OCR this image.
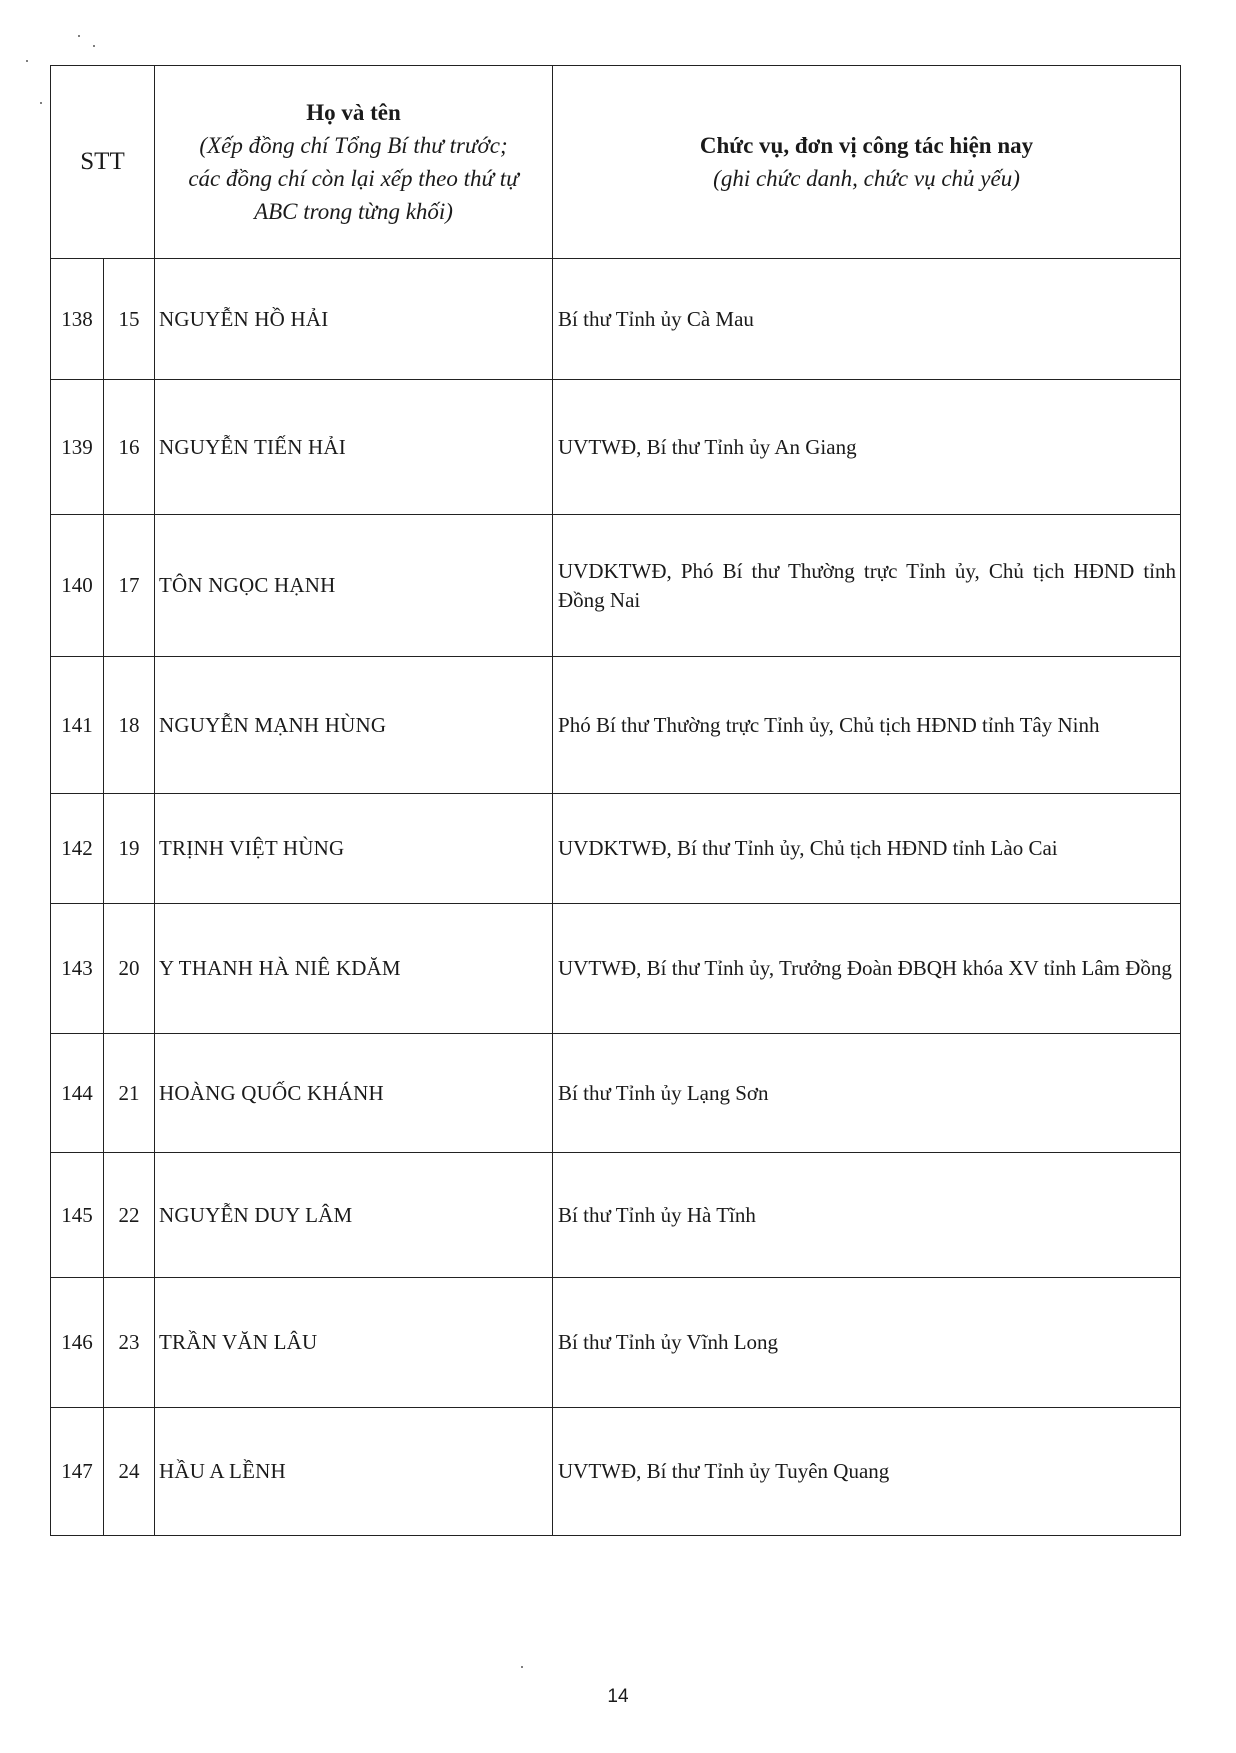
STT		Họ và tên
(Xếp đồng chí Tổng Bí thư trước;
các đồng chí còn lại xếp theo thứ tự
ABC trong từng khối)	Chức vụ, đơn vị công tác hiện nay
(ghi chức danh, chức vụ chủ yếu)

138	15	NGUYỄN HỒ HẢI	Bí thư Tỉnh ủy Cà Mau
139	16	NGUYỄN TIẾN HẢI	UVTWĐ, Bí thư Tỉnh ủy An Giang
140	17	TÔN NGỌC HẠNH	UVDKTWĐ, Phó Bí thư Thường trực Tỉnh ủy, Chủ tịch HĐND tỉnh Đồng Nai
141	18	NGUYỄN MẠNH HÙNG	Phó Bí thư Thường trực Tỉnh ủy, Chủ tịch HĐND tỉnh Tây Ninh
142	19	TRỊNH VIỆT HÙNG	UVDKTWĐ, Bí thư Tỉnh ủy, Chủ tịch HĐND tỉnh Lào Cai
143	20	Y THANH HÀ NIÊ KDĂM	UVTWĐ, Bí thư Tỉnh ủy, Trưởng Đoàn ĐBQH khóa XV tỉnh Lâm Đồng
144	21	HOÀNG QUỐC KHÁNH	Bí thư Tỉnh ủy Lạng Sơn
145	22	NGUYỄN DUY LÂM	Bí thư Tỉnh ủy Hà Tĩnh
146	23	TRẦN VĂN LÂU	Bí thư Tỉnh ủy Vĩnh Long
147	24	HẦU A LỀNH	UVTWĐ, Bí thư Tỉnh ủy Tuyên Quang
14
